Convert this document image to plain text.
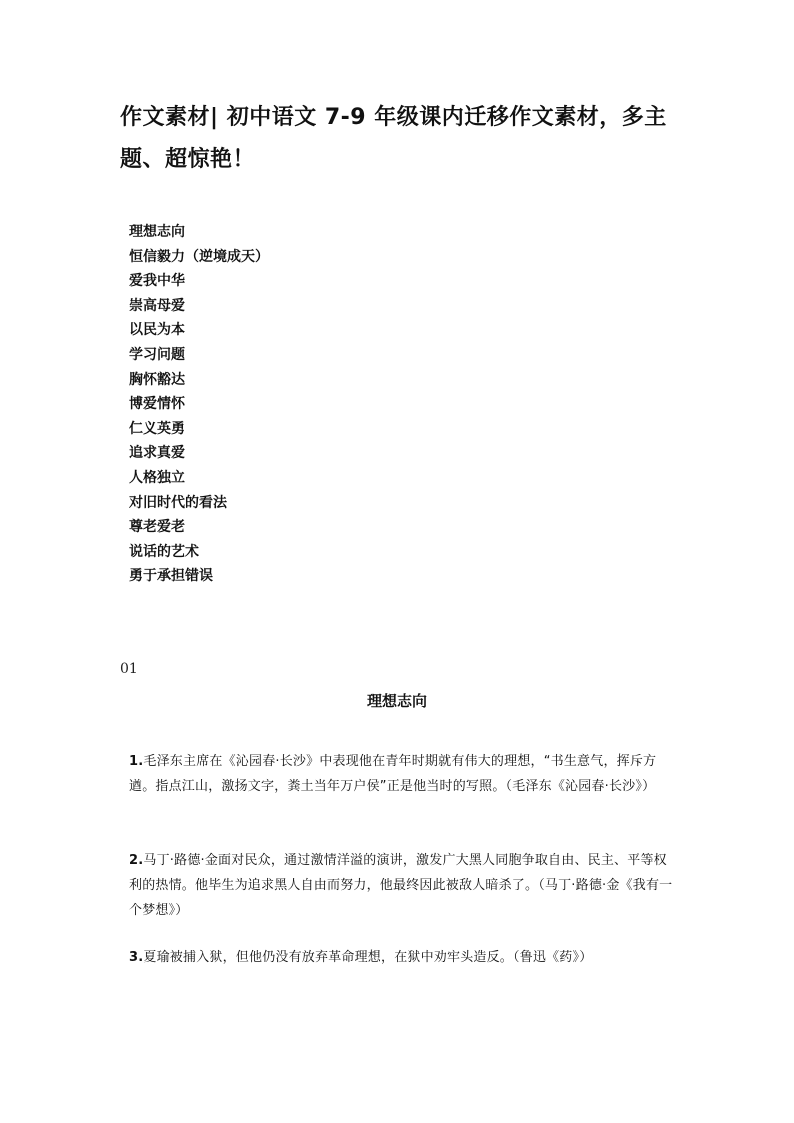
作文素材| 初中语文 7-9 年级课内迁移作文素材，多主题、超惊艳！
理想志向
恒信毅力（逆境成天）
爱我中华
崇高母爱
以民为本
学习问题
胸怀豁达
博爱情怀
仁义英勇
追求真爱
人格独立
对旧时代的看法
尊老爱老
说话的艺术
勇于承担错误
01
理想志向

1.毛泽东主席在《沁园春·长沙》中表现他在青年时期就有伟大的理想，“书生意气，挥斥方遒。指点江山，激扬文字，粪土当年万户侯”正是他当时的写照。（毛泽东《沁园春·长沙》）

2.马丁·路德·金面对民众，通过激情洋溢的演讲，激发广大黑人同胞争取自由、民主、平等权利的热情。他毕生为追求黑人自由而努力，他最终因此被敌人暗杀了。（马丁·路德·金《我有一个梦想》）

3.夏瑜被捕入狱，但他仍没有放弃革命理想，在狱中劝牢头造反。（鲁迅《药》）
